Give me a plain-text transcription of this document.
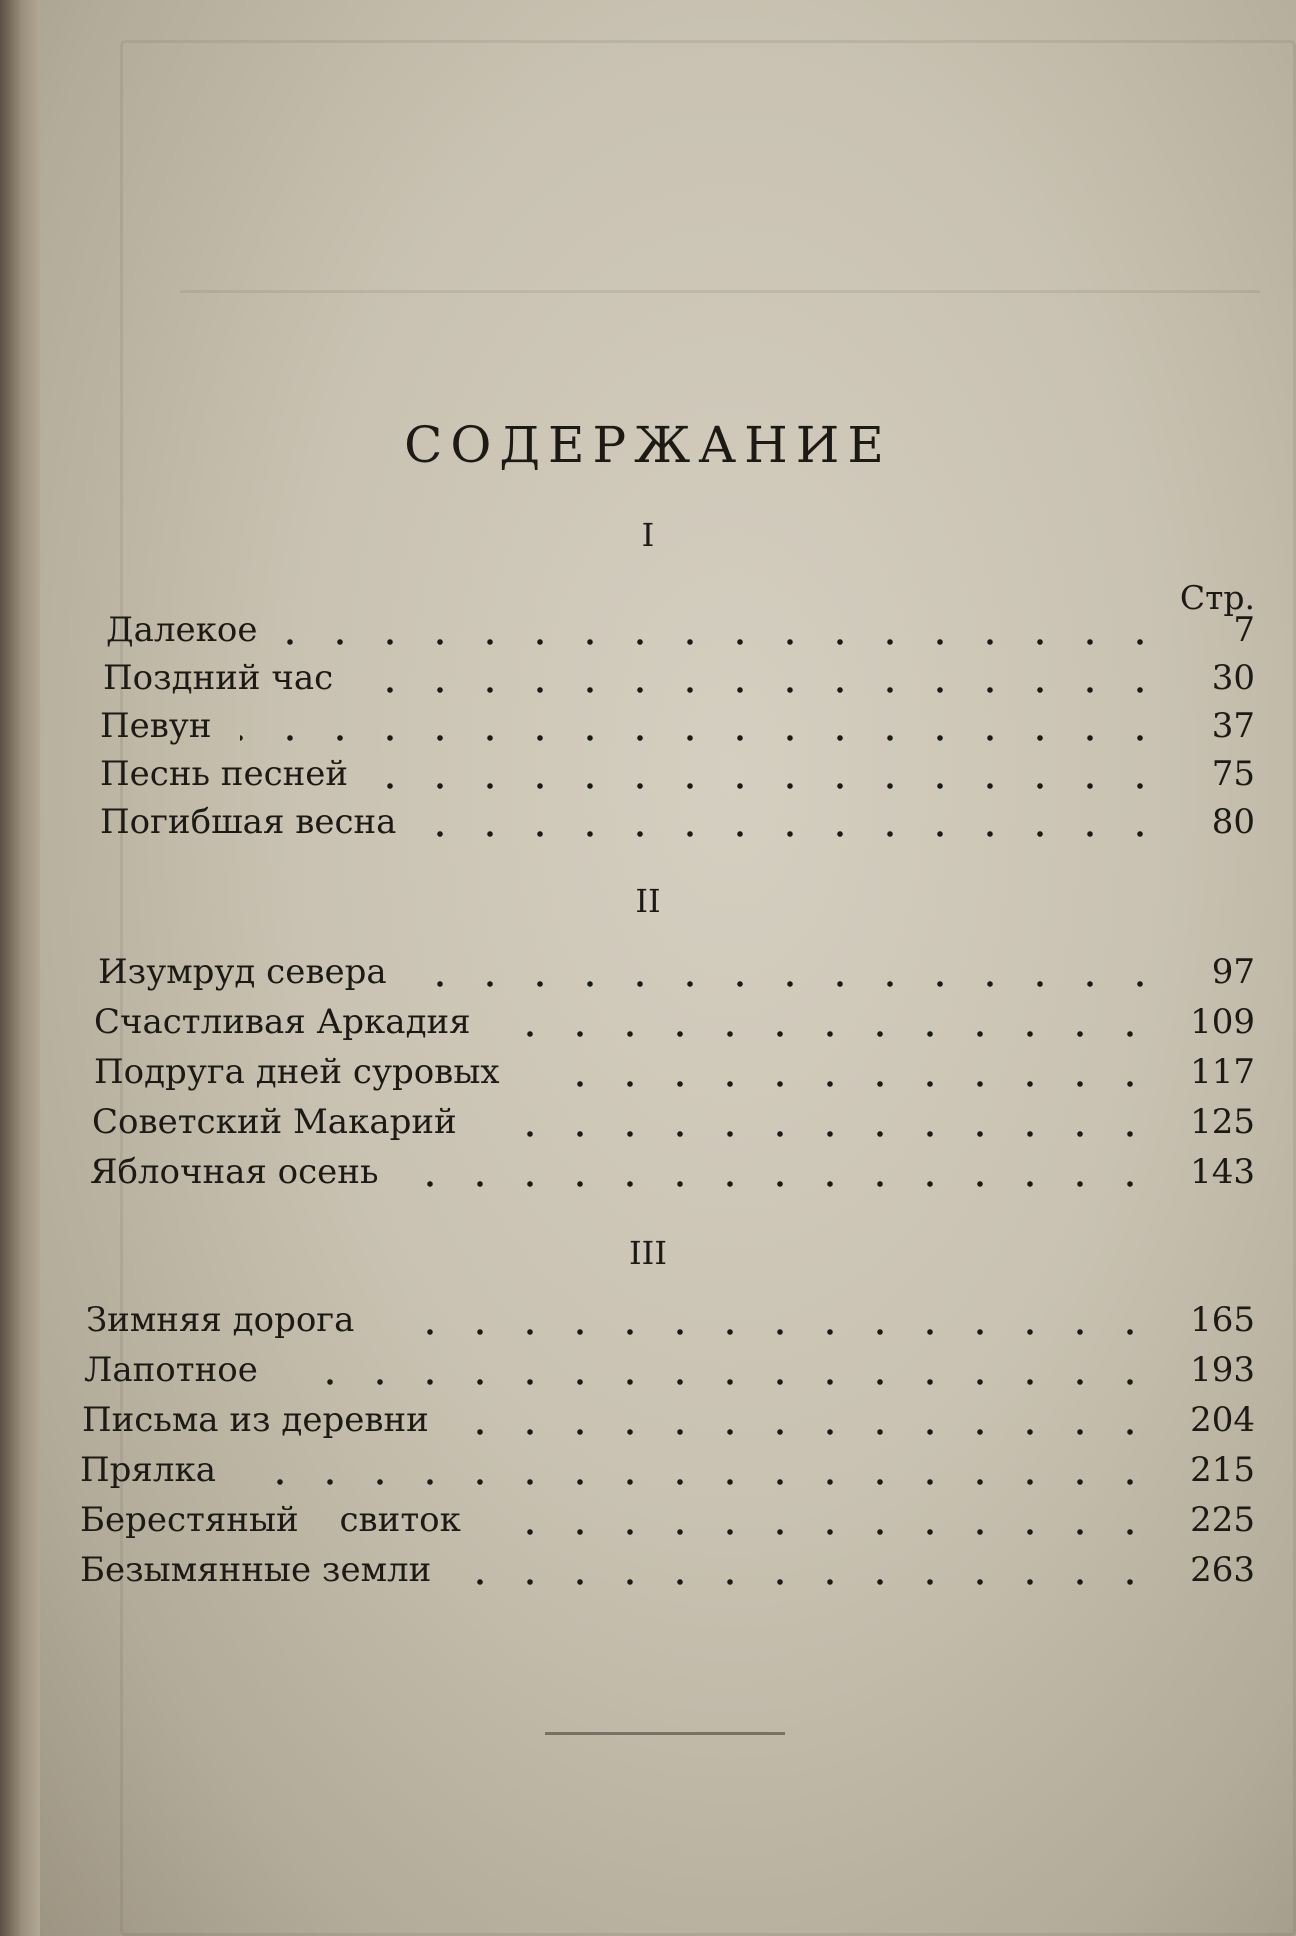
СОДЕРЖАНИЕ
I
Стр.
Далекое	7
Поздний час	30
Певун	37
Песнь песней	75
Погибшая весна	80
II
Изумруд севера	97
Счастливая Аркадия	109
Подруга дней суровых	117
Советский Макарий	125
Яблочная осень	143
III
Зимняя дорога	165
Лапотное	193
Письма из деревни	204
Прялка	215
Берестяный свиток	225
Безымянные земли	263
